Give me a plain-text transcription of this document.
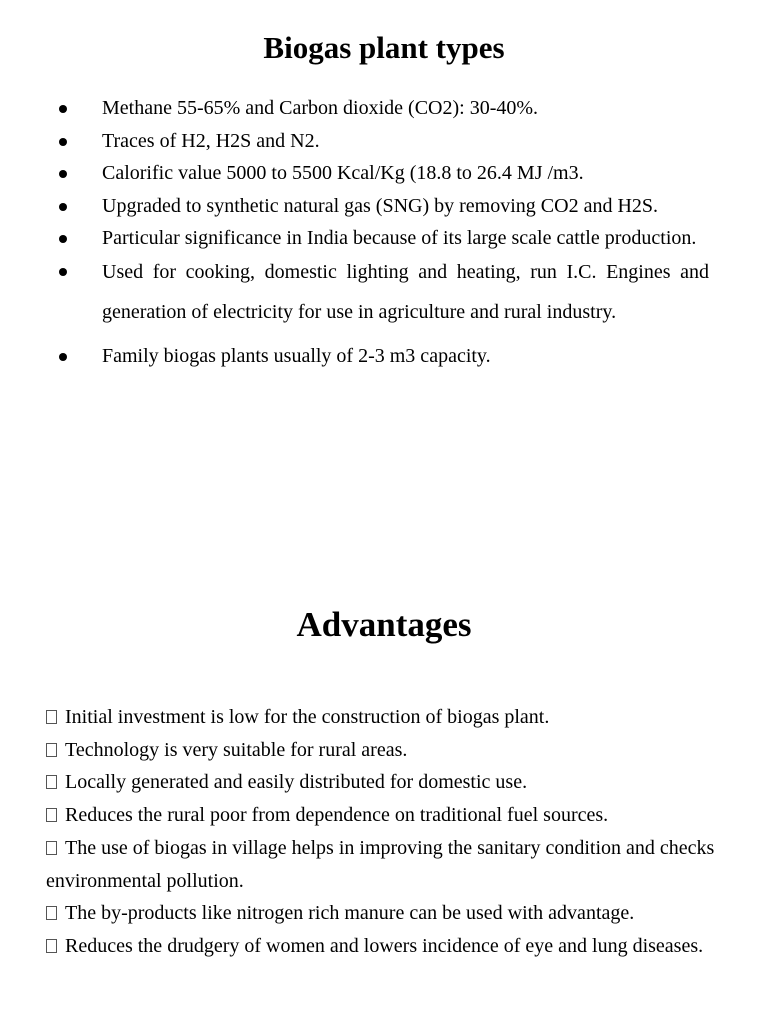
Biogas plant types
Methane 55-65% and Carbon dioxide (CO2): 30-40%.
Traces of H2, H2S and N2.
Calorific value 5000 to 5500 Kcal/Kg (18.8 to 26.4 MJ /m3.
Upgraded to synthetic natural gas (SNG) by removing CO2 and H2S.
Particular significance in India because of its large scale cattle production.
Used for cooking, domestic lighting and heating, run I.C. Engines and generation of electricity for use in agriculture and rural industry.
Family biogas plants usually of 2-3 m3 capacity.
Advantages
Initial investment is low for the construction of biogas plant.
Technology is very suitable for rural areas.
Locally generated and easily distributed for domestic use.
Reduces the rural poor from dependence on traditional fuel sources.
The use of biogas in village helps in improving the sanitary condition and checks environmental pollution.
The by-products like nitrogen rich manure can be used with advantage.
Reduces the drudgery of women and lowers incidence of eye and lung diseases.
